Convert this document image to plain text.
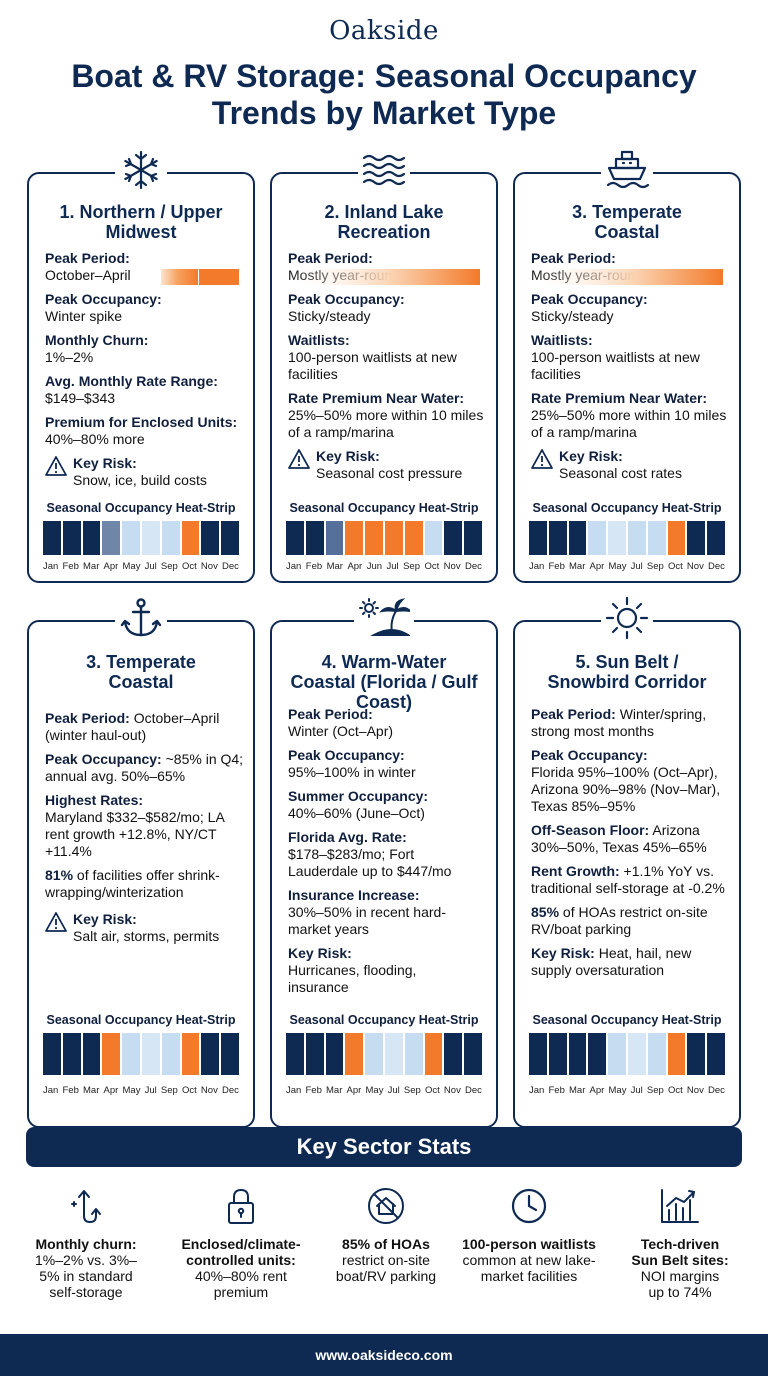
Oakside
Boat & RV Storage: Seasonal Occupancy Trends by Market Type
1. Northern / Upper Midwest
Peak Period:
October–April
Peak Occupancy:
Winter spike
Monthly Churn:
1%–2%
Avg. Monthly Rate Range:
$149–$343
Premium for Enclosed Units:
40%–80% more
Key Risk:
Snow, ice, build costs
Seasonal Occupancy Heat-Strip
Jan Feb Mar Apr May Jul Sep Oct Nov Dec
2. Inland Lake Recreation
Peak Period:
Peak Occupancy:
Sticky/steady
Waitlists:
100-person waitlists at new facilities
Rate Premium Near Water:
25%–50% more within 10 miles of a ramp/marina
Key Risk:
Seasonal cost pressure
Seasonal Occupancy Heat-Strip
Jan Feb Mar Apr Jun Jul Sep Oct Nov Dec
3. Temperate Coastal
Peak Period:
Peak Occupancy:
Sticky/steady
Waitlists:
100-person waitlists at new facilities
Rate Premium Near Water:
25%–50% more within 10 miles of a ramp/marina
Key Risk:
Seasonal cost rates
Seasonal Occupancy Heat-Strip
Jan Feb Mar Apr May Jul Sep Oct Nov Dec
3. Temperate Coastal
Peak Period: October–April (winter haul-out)
Peak Occupancy: ~85% in Q4; annual avg. 50%–65%
Highest Rates:
Maryland $332–$582/mo; LA rent growth +12.8%, NY/CT +11.4%
81% of facilities offer shrink-wrapping/winterization
Key Risk:
Salt air, storms, permits
Seasonal Occupancy Heat-Strip
Jan Feb Mar Apr May Jul Sep Oct Nov Dec
4. Warm-Water Coastal (Florida / Gulf Coast)
Peak Period:
Winter (Oct–Apr)
Peak Occupancy:
95%–100% in winter
Summer Occupancy:
40%–60% (June–Oct)
Florida Avg. Rate:
$178–$283/mo; Fort Lauderdale up to $447/mo
Insurance Increase:
30%–50% in recent hard-market years
Key Risk:
Hurricanes, flooding, insurance
Seasonal Occupancy Heat-Strip
Jan Feb Mar Apr May Jul Sep Oct Nov Dec
5. Sun Belt / Snowbird Corridor
Peak Period: Winter/spring, strong most months
Peak Occupancy:
Florida 95%–100% (Oct–Apr), Arizona 90%–98% (Nov–Mar), Texas 85%–95%
Off-Season Floor: Arizona 30%–50%, Texas 45%–65%
Rent Growth: +1.1% YoY vs. traditional self-storage at -0.2%
85% of HOAs restrict on-site RV/boat parking
Key Risk: Heat, hail, new supply oversaturation
Seasonal Occupancy Heat-Strip
Jan Feb Mar Apr May Jul Sep Oct Nov Dec
Key Sector Stats
Monthly churn:
1%–2% vs. 3%–5% in standard self-storage
Enclosed/climate-controlled units:
40%–80% rent premium
85% of HOAs
restrict on-site boat/RV parking
100-person waitlists
common at new lake-market facilities
Tech-driven Sun Belt sites:
NOI margins up to 74%
www.oaksideco.com
